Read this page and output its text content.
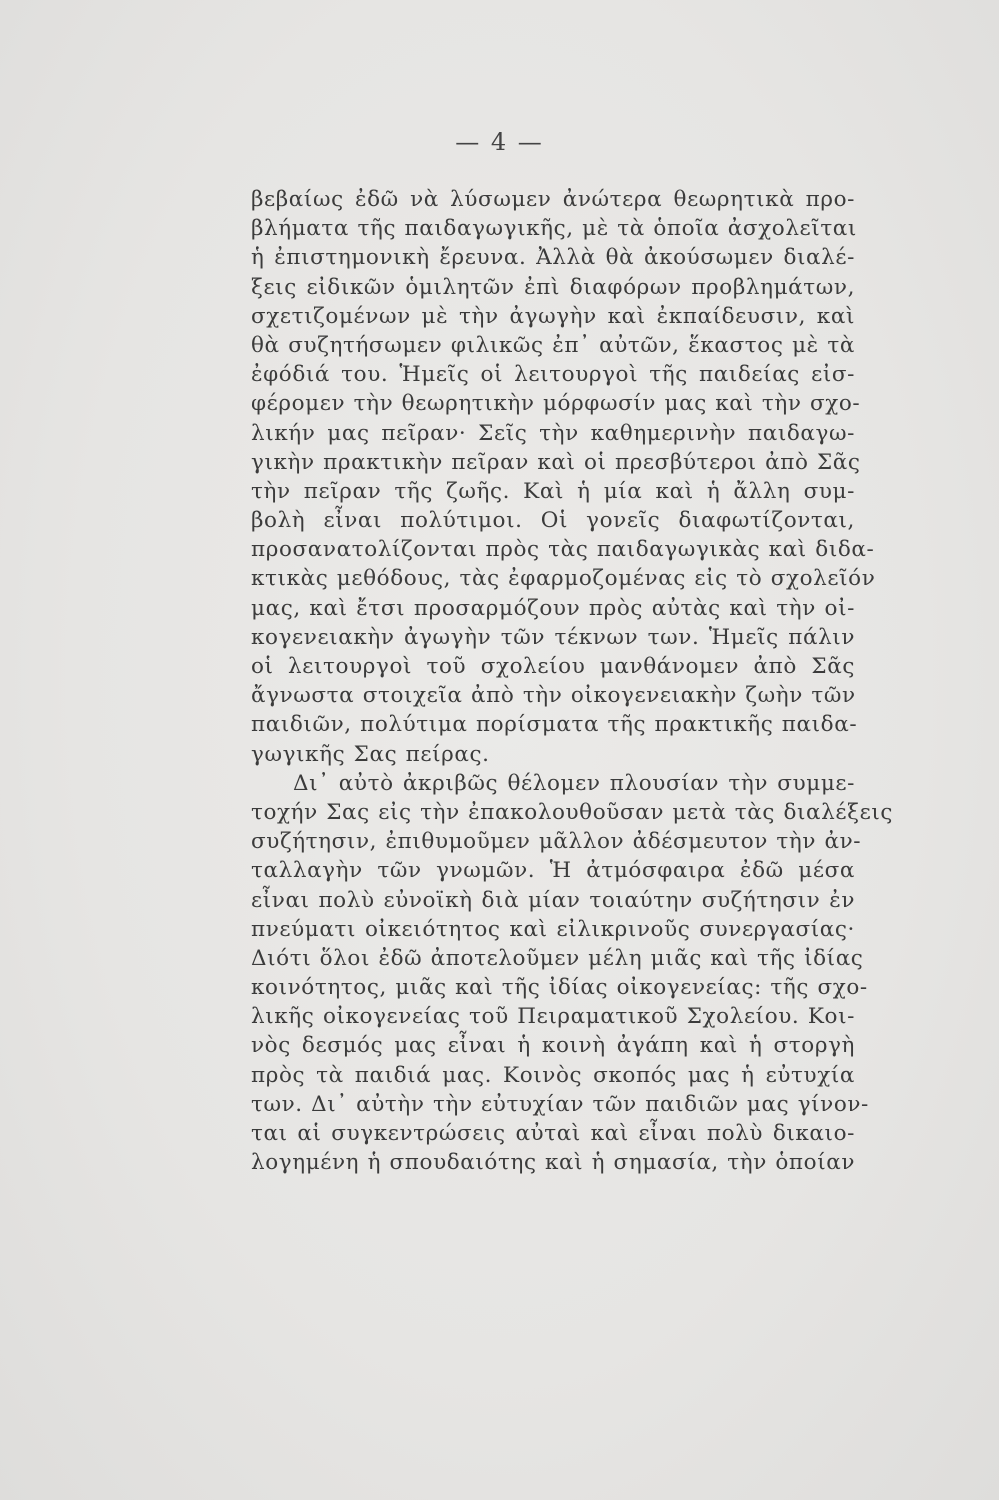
— 4 —
βεβαίως ἐδῶ νὰ λύσωμεν ἀνώτερα θεωρητικὰ προ-
βλήματα τῆς παιδαγωγικῆς, μὲ τὰ ὁποῖα ἀσχολεῖται
ἡ ἐπιστημονικὴ ἔρευνα. Ἀλλὰ θὰ ἀκούσωμεν διαλέ-
ξεις εἰδικῶν ὁμιλητῶν ἐπὶ διαφόρων προβλημάτων,
σχετιζομένων μὲ τὴν ἀγωγὴν καὶ ἐκπαίδευσιν, καὶ
θὰ συζητήσωμεν φιλικῶς ἐπ᾽ αὐτῶν, ἕκαστος μὲ τὰ
ἐφόδιά του. Ἡμεῖς οἱ λειτουργοὶ τῆς παιδείας εἰσ-
φέρομεν τὴν θεωρητικὴν μόρφωσίν μας καὶ τὴν σχο-
λικήν μας πεῖραν· Σεῖς τὴν καθημερινὴν παιδαγω-
γικὴν πρακτικὴν πεῖραν καὶ οἱ πρεσβύτεροι ἀπὸ Σᾶς
τὴν πεῖραν τῆς ζωῆς. Καὶ ἡ μία καὶ ἡ ἄλλη συμ-
βολὴ εἶναι πολύτιμοι. Οἱ γονεῖς διαφωτίζονται,
προσανατολίζονται πρὸς τὰς παιδαγωγικὰς καὶ διδα-
κτικὰς μεθόδους, τὰς ἐφαρμοζομένας εἰς τὸ σχολεῖόν
μας, καὶ ἔτσι προσαρμόζουν πρὸς αὐτὰς καὶ τὴν οἰ-
κογενειακὴν ἀγωγὴν τῶν τέκνων των. Ἡμεῖς πάλιν
οἱ λειτουργοὶ τοῦ σχολείου μανθάνομεν ἀπὸ Σᾶς
ἄγνωστα στοιχεῖα ἀπὸ τὴν οἰκογενειακὴν ζωὴν τῶν
παιδιῶν, πολύτιμα πορίσματα τῆς πρακτικῆς παιδα-
γωγικῆς Σας πείρας.
Δι᾽ αὐτὸ ἀκριβῶς θέλομεν πλουσίαν τὴν συμμε-
τοχήν Σας εἰς τὴν ἐπακολουθοῦσαν μετὰ τὰς διαλέξεις
συζήτησιν, ἐπιθυμοῦμεν μᾶλλον ἀδέσμευτον τὴν ἀν-
ταλλαγὴν τῶν γνωμῶν. Ἡ ἀτμόσφαιρα ἐδῶ μέσα
εἶναι πολὺ εὐνοϊκὴ διὰ μίαν τοιαύτην συζήτησιν ἐν
πνεύματι οἰκειότητος καὶ εἰλικρινοῦς συνεργασίας·
Διότι ὅλοι ἐδῶ ἀποτελοῦμεν μέλη μιᾶς καὶ τῆς ἰδίας
κοινότητος, μιᾶς καὶ τῆς ἰδίας οἰκογενείας: τῆς σχο-
λικῆς οἰκογενείας τοῦ Πειραματικοῦ Σχολείου. Κοι-
νὸς δεσμός μας εἶναι ἡ κοινὴ ἀγάπη καὶ ἡ στοργὴ
πρὸς τὰ παιδιά μας. Κοινὸς σκοπός μας ἡ εὐτυχία
των. Δι᾽ αὐτὴν τὴν εὐτυχίαν τῶν παιδιῶν μας γίνον-
ται αἱ συγκεντρώσεις αὐταὶ καὶ εἶναι πολὺ δικαιο-
λογημένη ἡ σπουδαιότης καὶ ἡ σημασία, τὴν ὁποίαν
